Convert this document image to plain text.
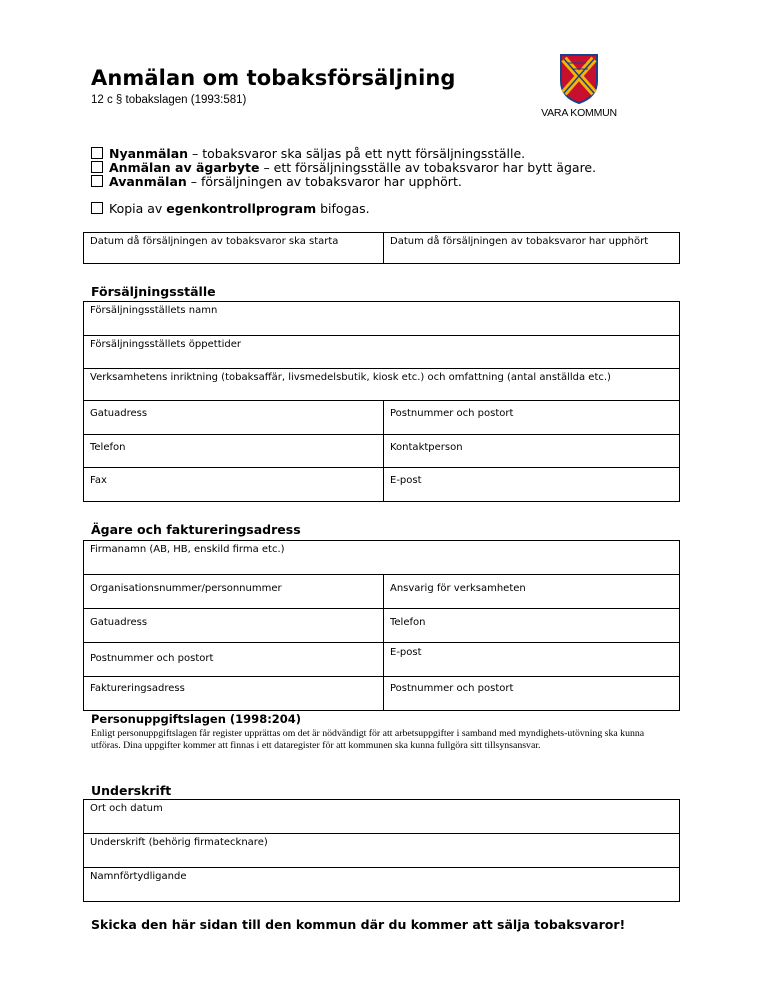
Anmälan om tobaksförsäljning
12 c § tobakslagen (1993:581)
VARA KOMMUN
Nyanmälan – tobaksvaror ska säljas på ett nytt försäljningsställe.
Anmälan av ägarbyte – ett försäljningsställe av tobaksvaror har bytt ägare.
Avanmälan – försäljningen av tobaksvaror har upphört.
Kopia av egenkontrollprogram bifogas.
Datum då försäljningen av tobaksvaror ska starta	Datum då försäljningen av tobaksvaror har upphört
Försäljningsställe
Försäljningsställets namn	
Försäljningsställets öppettider	
Verksamhetens inriktning (tobaksaffär, livsmedelsbutik, kiosk etc.) och omfattning (antal anställda etc.)	
Gatuadress	Postnummer och postort
Telefon	Kontaktperson
Fax	E-post
Ägare och faktureringsadress
Firmanamn (AB, HB, enskild firma etc.)	
Organisationsnummer/personnummer	Ansvarig för verksamheten
Gatuadress	Telefon
Postnummer och postort	E-post
Faktureringsadress	Postnummer och postort
Personuppgiftslagen (1998:204)
Enligt personuppgiftslagen får register upprättas om det är nödvändigt för att arbetsuppgifter i samband med myndighets-utövning ska kunna utföras. Dina uppgifter kommer att finnas i ett dataregister för att kommunen ska kunna fullgöra sitt tillsynsansvar.
Underskrift
Ort och datum
Underskrift (behörig firmatecknare)
Namnförtydligande
Skicka den här sidan till den kommun där du kommer att sälja tobaksvaror!
